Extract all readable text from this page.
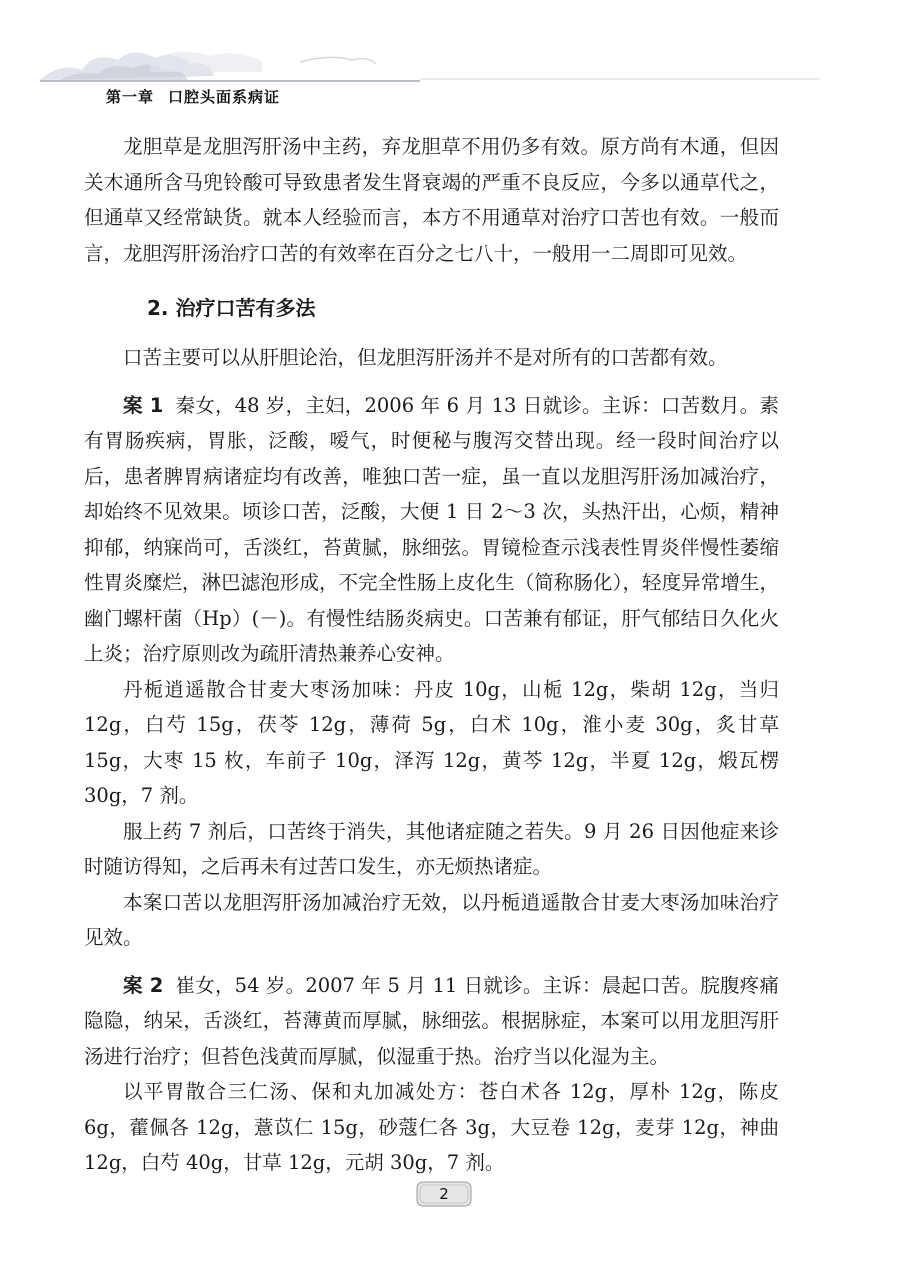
第一章 口腔头面系病证

龙胆草是龙胆泻肝汤中主药，弃龙胆草不用仍多有效。原方尚有木通，但因关木通所含马兜铃酸可导致患者发生肾衰竭的严重不良反应，今多以通草代之，但通草又经常缺货。就本人经验而言，本方不用通草对治疗口苦也有效。一般而言，龙胆泻肝汤治疗口苦的有效率在百分之七八十，一般用一二周即可见效。

2. 治疗口苦有多法

口苦主要可以从肝胆论治，但龙胆泻肝汤并不是对所有的口苦都有效。

案 1 秦女，48 岁，主妇，2006 年 6 月 13 日就诊。主诉：口苦数月。素有胃肠疾病，胃胀，泛酸，嗳气，时便秘与腹泻交替出现。经一段时间治疗以后，患者脾胃病诸症均有改善，唯独口苦一症，虽一直以龙胆泻肝汤加减治疗，却始终不见效果。顷诊口苦，泛酸，大便 1 日 2～3 次，头热汗出，心烦，精神抑郁，纳寐尚可，舌淡红，苔黄腻，脉细弦。胃镜检查示浅表性胃炎伴慢性萎缩性胃炎糜烂，淋巴滤泡形成，不完全性肠上皮化生（简称肠化），轻度异常增生，幽门螺杆菌（Hp）(－)。有慢性结肠炎病史。口苦兼有郁证，肝气郁结日久化火上炎；治疗原则改为疏肝清热兼养心安神。

丹栀逍遥散合甘麦大枣汤加味：丹皮 10g，山栀 12g，柴胡 12g，当归 12g，白芍 15g，茯苓 12g，薄荷 5g，白术 10g，淮小麦 30g，炙甘草 15g，大枣 15 枚，车前子 10g，泽泻 12g，黄芩 12g，半夏 12g，煅瓦楞 30g，7 剂。

服上药 7 剂后，口苦终于消失，其他诸症随之若失。9 月 26 日因他症来诊时随访得知，之后再未有过苦口发生，亦无烦热诸症。

本案口苦以龙胆泻肝汤加减治疗无效，以丹栀逍遥散合甘麦大枣汤加味治疗见效。

案 2 崔女，54 岁。2007 年 5 月 11 日就诊。主诉：晨起口苦。脘腹疼痛隐隐，纳呆，舌淡红，苔薄黄而厚腻，脉细弦。根据脉症，本案可以用龙胆泻肝汤进行治疗；但苔色浅黄而厚腻，似湿重于热。治疗当以化湿为主。

以平胃散合三仁汤、保和丸加减处方：苍白术各 12g，厚朴 12g，陈皮 6g，藿佩各 12g，薏苡仁 15g，砂蔻仁各 3g，大豆卷 12g，麦芽 12g，神曲 12g，白芍 40g，甘草 12g，元胡 30g，7 剂。

2
